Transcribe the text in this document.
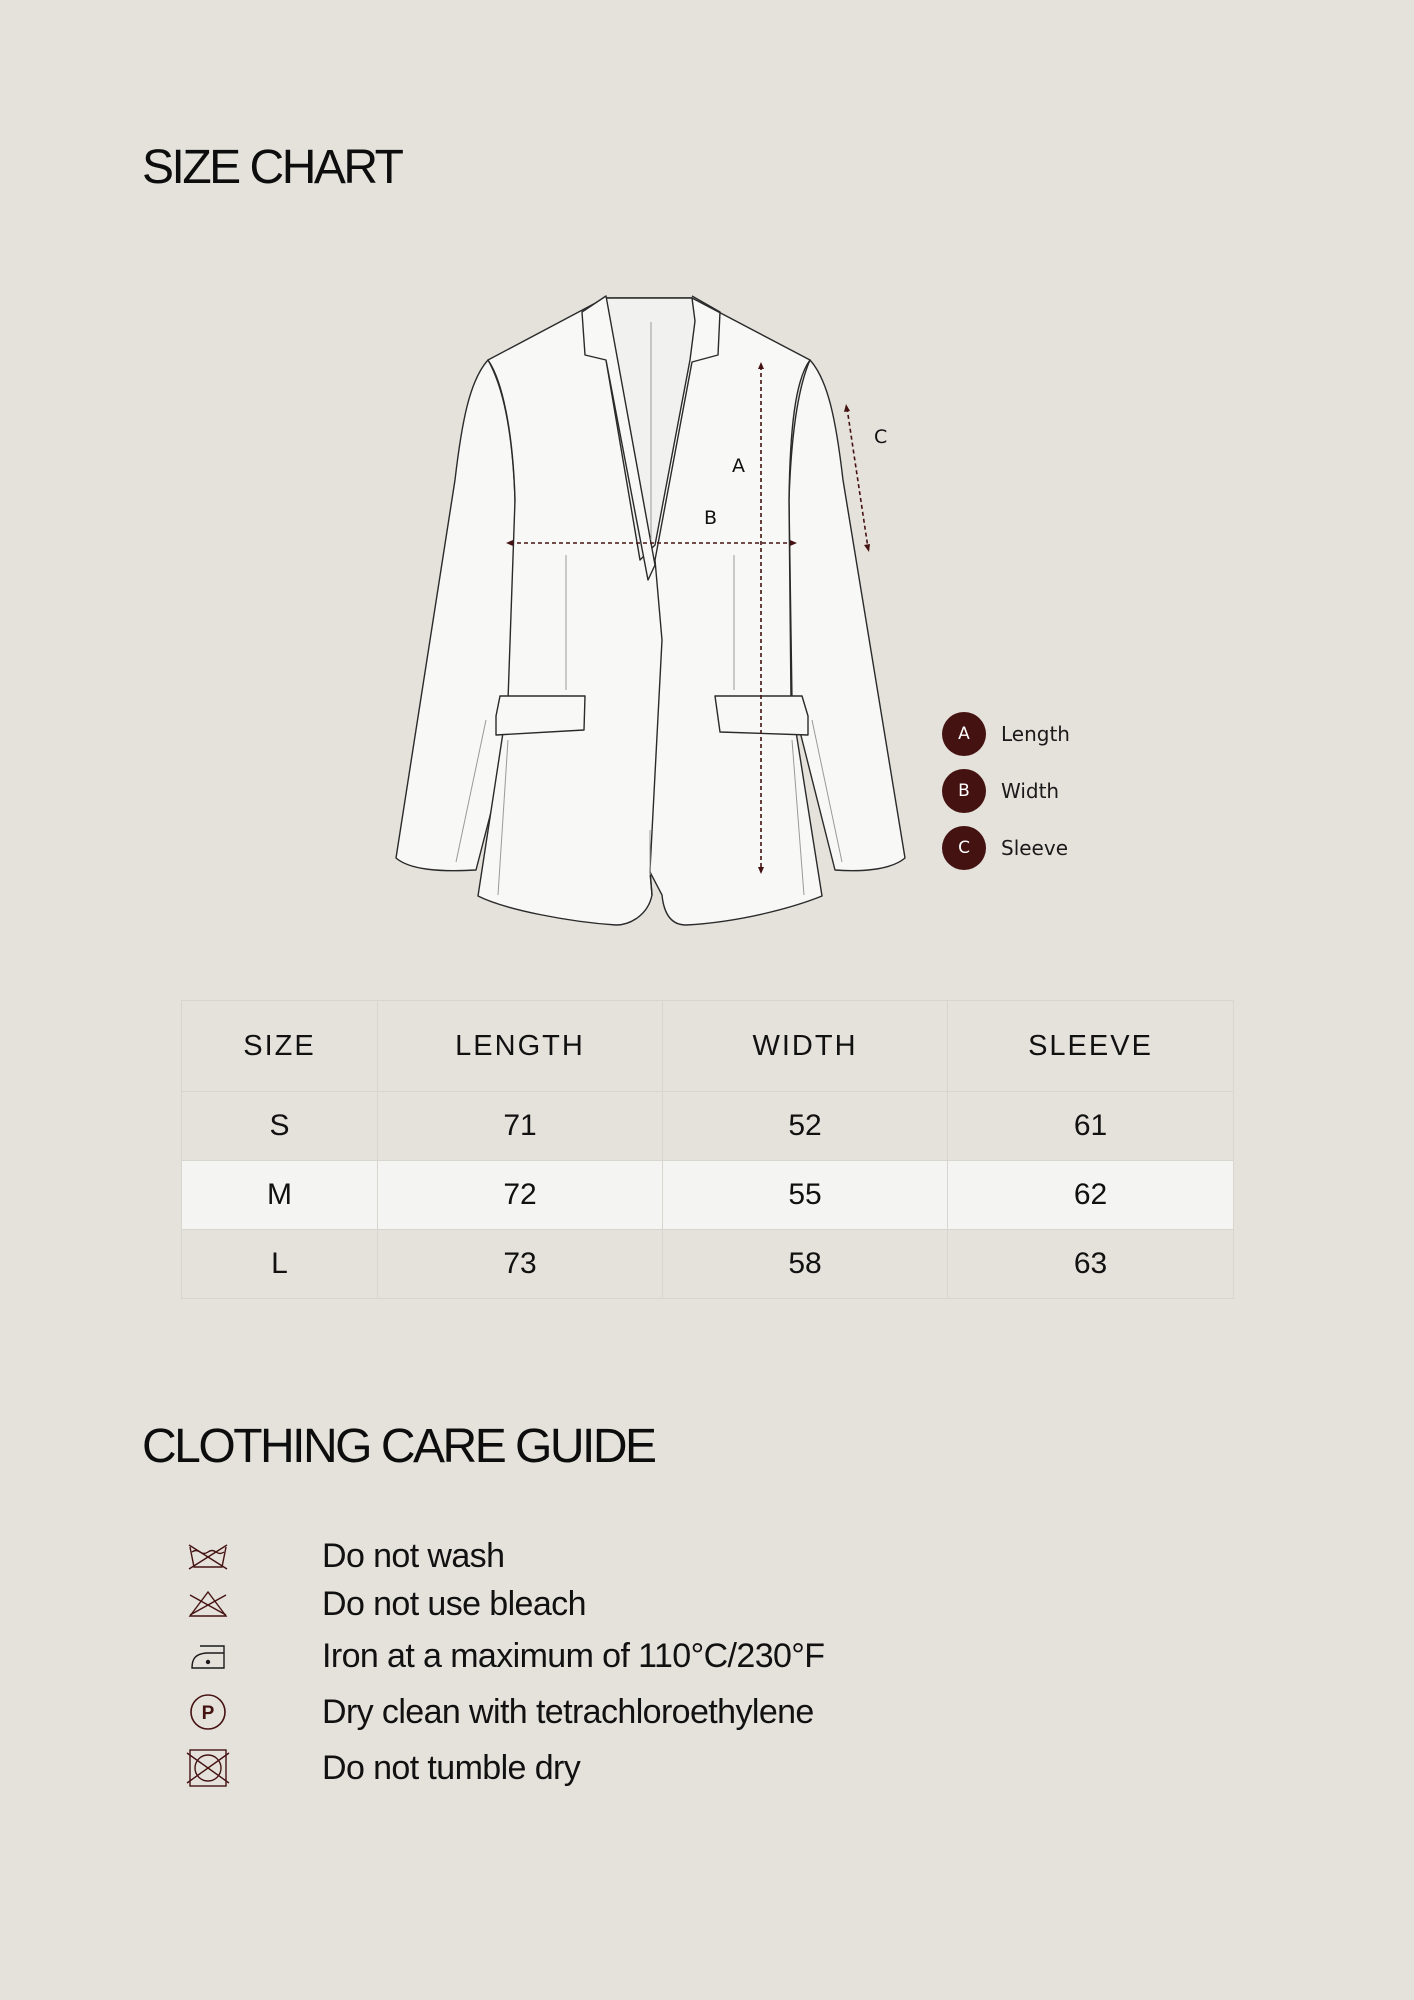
SIZE CHART
A
B
C
A	Length
B	Width
C	Sleeve
SIZE	LENGTH	WIDTH	SLEEVE
S	71	52	61
M	72	55	62
L	73	58	63
CLOTHING CARE GUIDE
Do not wash
Do not use bleach
Iron at a maximum of 110°C/230°F
P	Dry clean with tetrachloroethylene
Do not tumble dry
